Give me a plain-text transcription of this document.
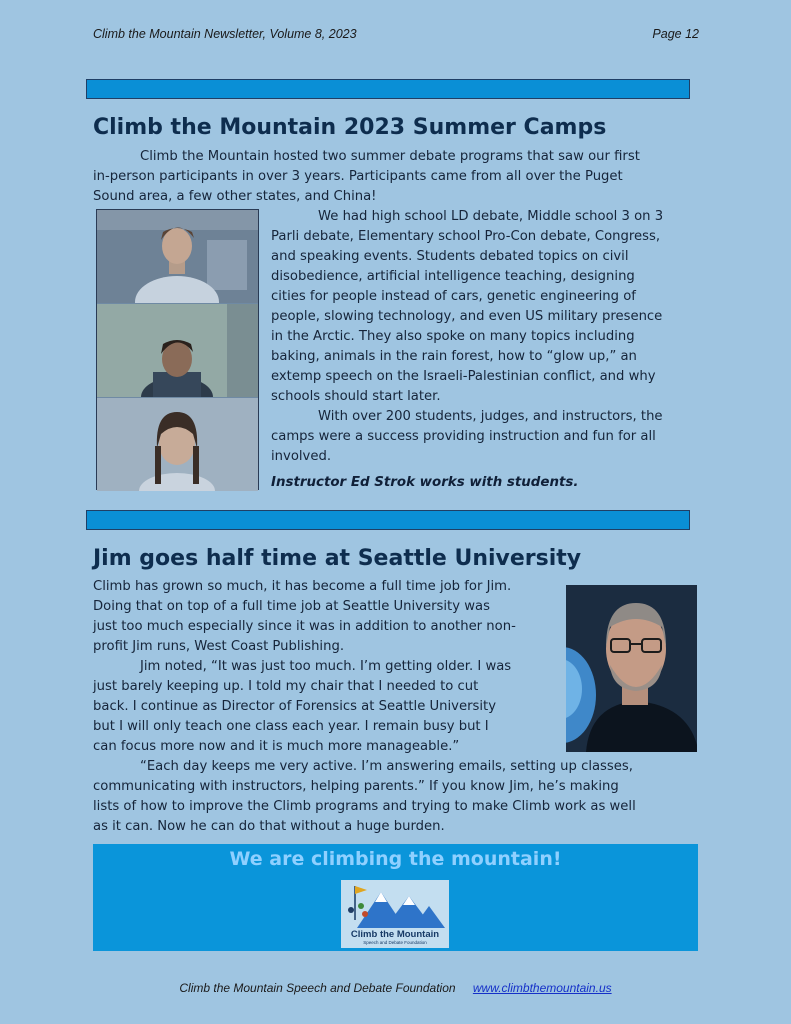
Climb the Mountain Newsletter, Volume 8, 2023	Page 12
Climb the Mountain 2023 Summer Camps

Climb the Mountain hosted two summer debate programs that saw our first
in-person participants in over 3 years. Participants came from all over the Puget
Sound area, a few other states, and China!

We had high school LD debate, Middle school 3 on 3
Parli debate, Elementary school Pro-Con debate, Congress,
and speaking events. Students debated topics on civil
disobedience, artificial intelligence teaching, designing
cities for people instead of cars, genetic engineering of
people, slowing technology, and even US military presence
in the Arctic. They also spoke on many topics including
baking, animals in the rain forest, how to “glow up,” an
extemp speech on the Israeli-Palestinian conflict, and why
schools should start later.
With over 200 students, judges, and instructors, the
camps were a success providing instruction and fun for all
involved.

Instructor Ed Strok works with students.

Jim goes half time at Seattle University

Climb has grown so much, it has become a full time job for Jim.
Doing that on top of a full time job at Seattle University was
just too much especially since it was in addition to another non-
profit Jim runs, West Coast Publishing.
Jim noted, “It was just too much. I’m getting older. I was
just barely keeping up. I told my chair that I needed to cut
back. I continue as Director of Forensics at Seattle University
but I will only teach one class each year. I remain busy but I
can focus more now and it is much more manageable.”
“Each day keeps me very active. I’m answering emails, setting up classes,
communicating with instructors, helping parents.” If you know Jim, he’s making
lists of how to improve the Climb programs and trying to make Climb work as well
as it can. Now he can do that without a huge burden.

We are climbing the mountain!
Climb the Mountain
Speech and Debate Foundation
Climb the Mountain Speech and Debate Foundation www.climbthemountain.us
